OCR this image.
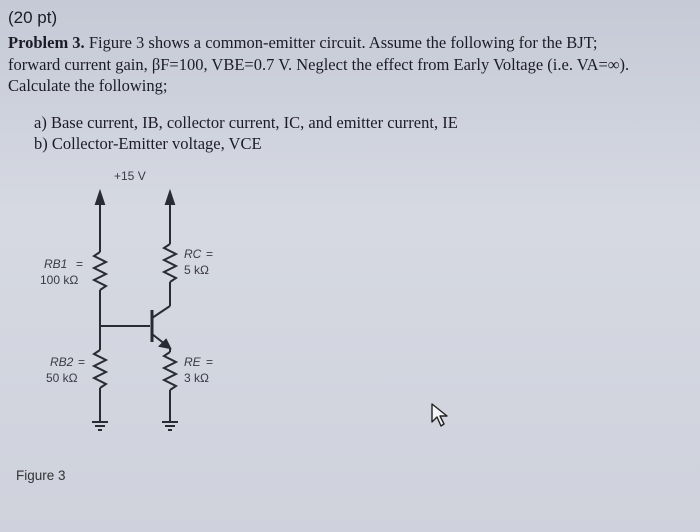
(20 pt)
Problem 3. Figure 3 shows a common-emitter circuit. Assume the following for the BJT;
forward current gain, βF=100, VBE=0.7 V. Neglect the effect from Early Voltage (i.e. VA=∞).
Calculate the following;
a) Base current, IB, collector current, IC, and emitter current, IE
b) Collector-Emitter voltage, VCE
+15 V
RB1 =
100 kΩ
RB2 =
50 kΩ
RC =
5 kΩ
RE =
3 kΩ
Figure 3
